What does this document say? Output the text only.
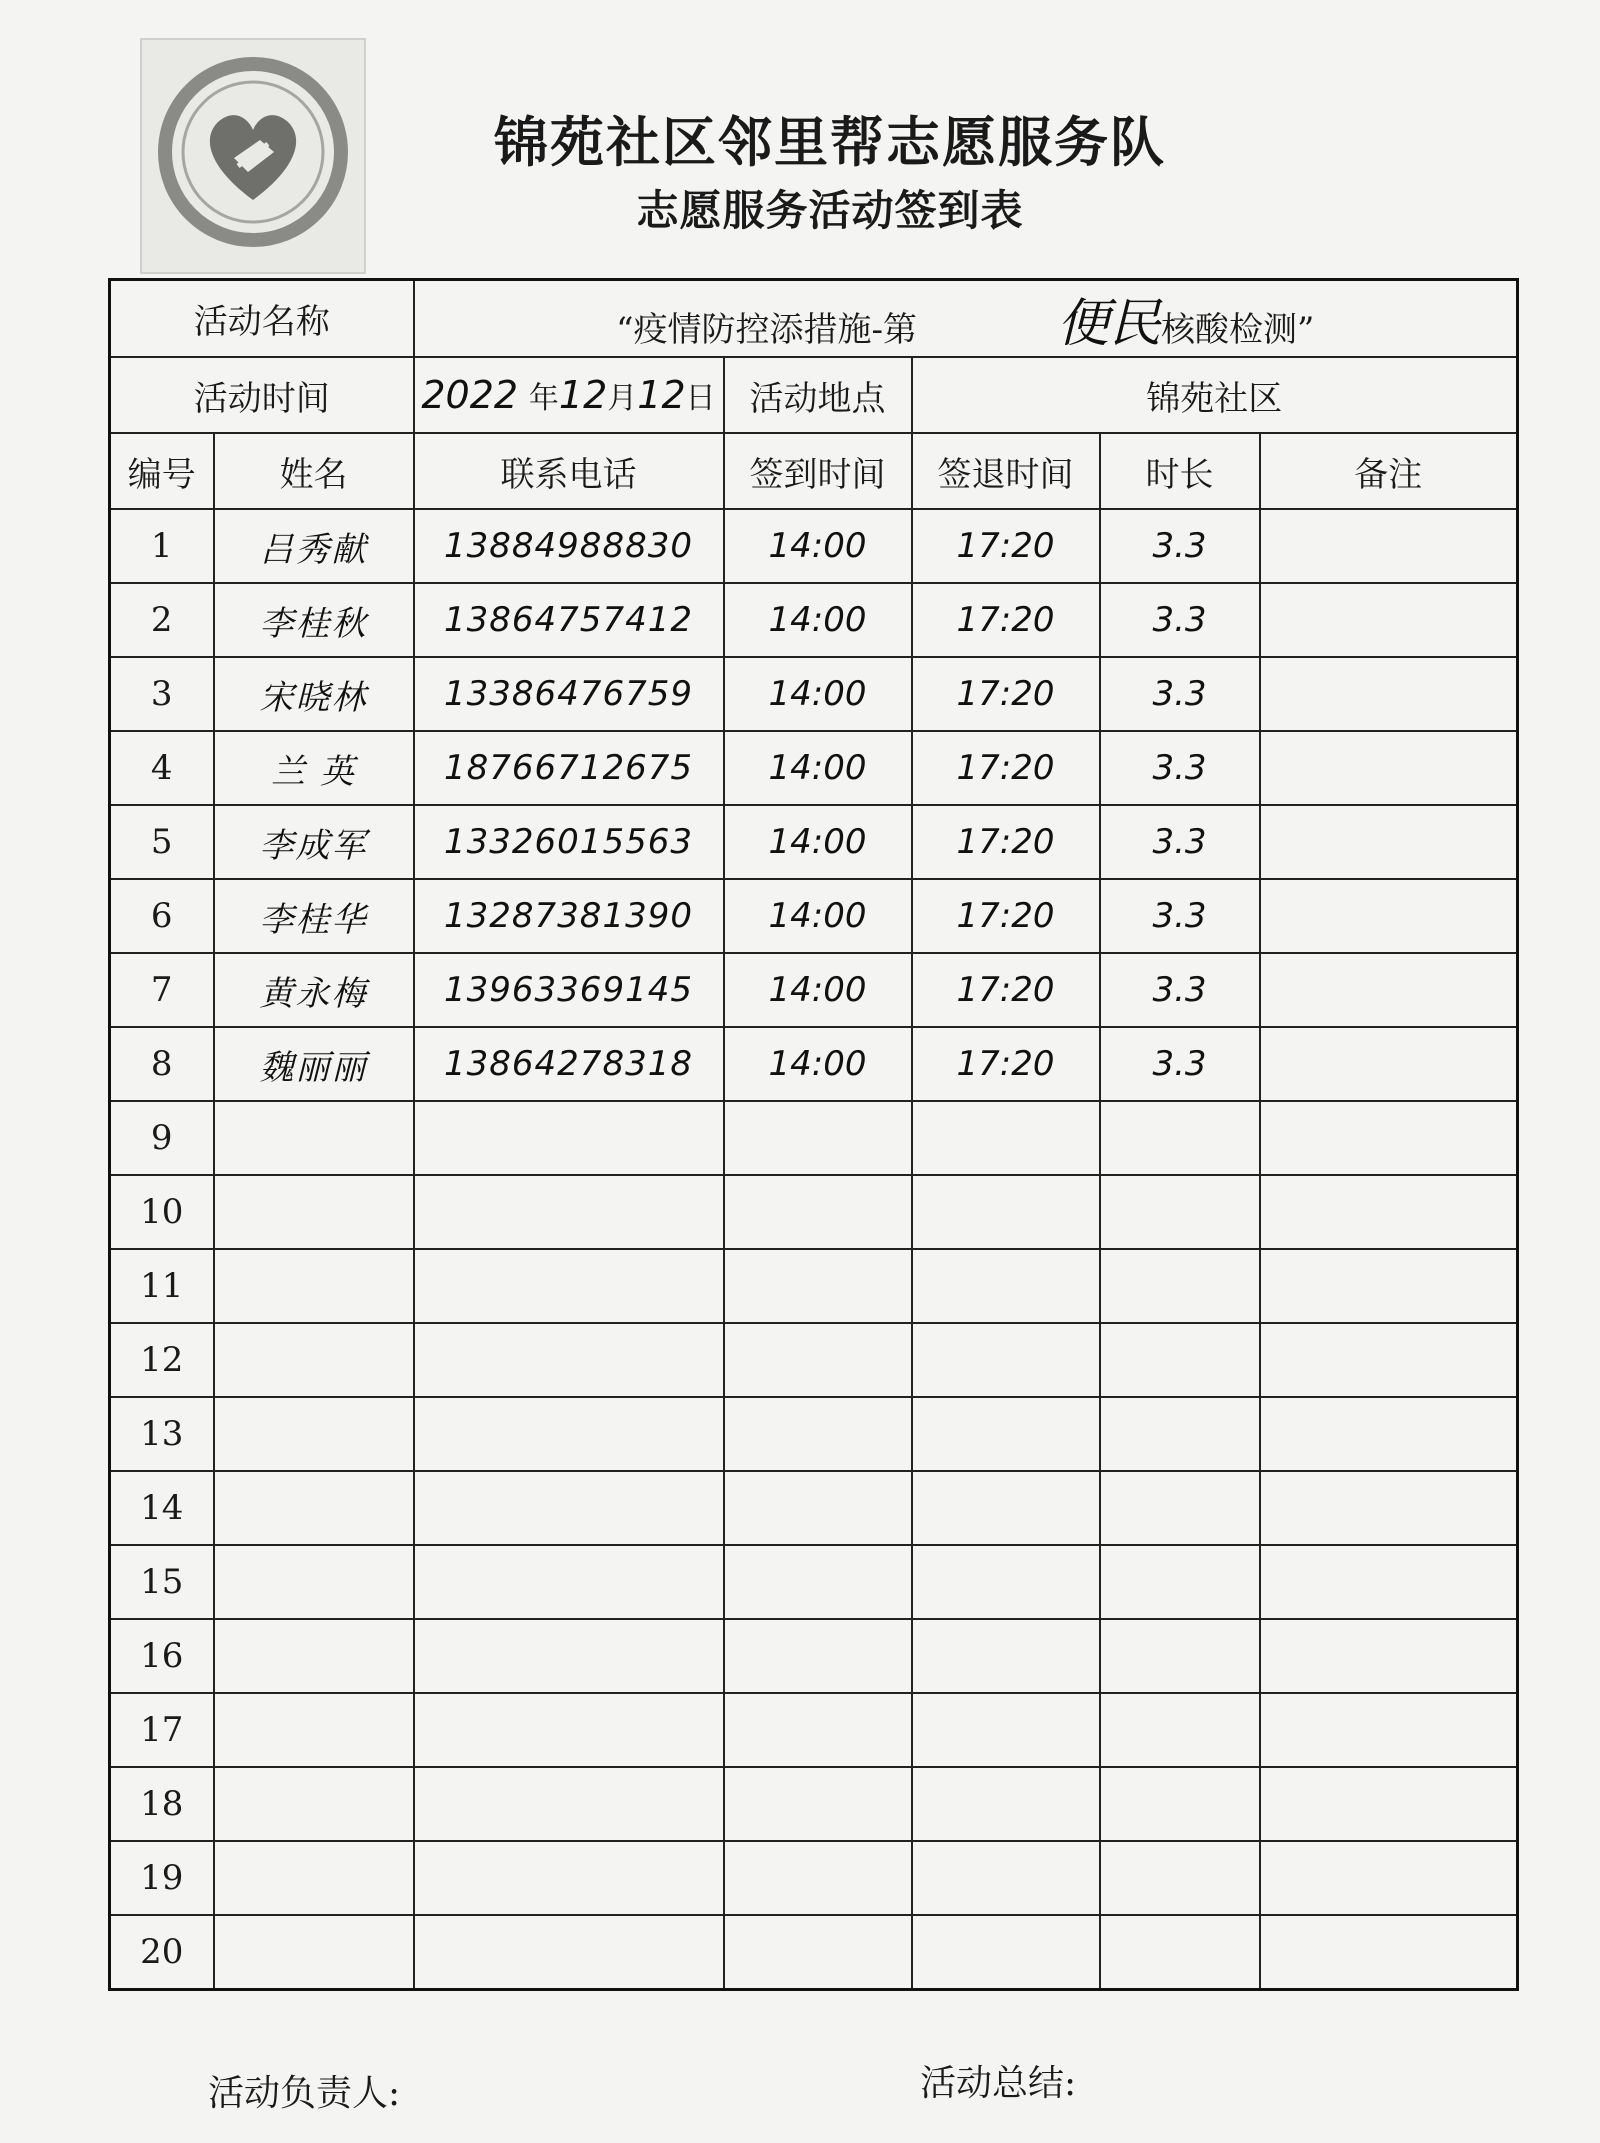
锦苑社区邻里帮志愿服务队
志愿服务活动签到表
活动名称		“疫情防控添措施-第 便民核酸检测”				
活动时间		2022 年12月12日	活动地点	锦苑社区		
编号	姓名	联系电话	签到时间	签退时间	时长	备注
1	吕秀献	13884988830	14:00	17:20	3.3	
2	李桂秋	13864757412	14:00	17:20	3.3	
3	宋晓林	13386476759	14:00	17:20	3.3	
4	兰 英	18766712675	14:00	17:20	3.3	
5	李成军	13326015563	14:00	17:20	3.3	
6	李桂华	13287381390	14:00	17:20	3.3	
7	黄永梅	13963369145	14:00	17:20	3.3	
8	魏丽丽	13864278318	14:00	17:20	3.3	
9						
10						
11						
12						
13						
14						
15						
16						
17						
18						
19						
20						
活动负责人:	活动总结:
